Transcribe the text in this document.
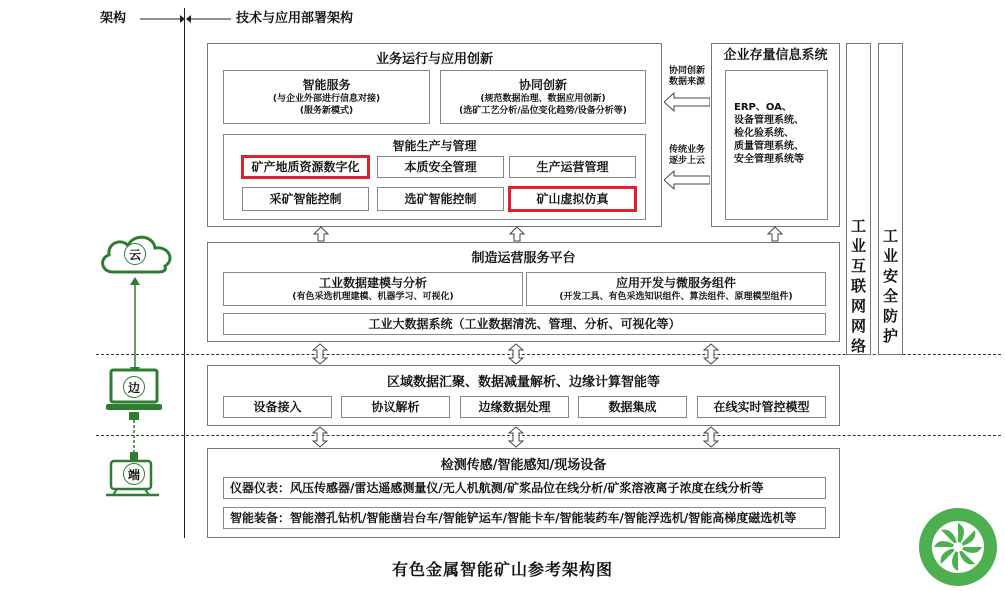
架构	技术与应用部署架构
业务运行与应用创新
智能服务
(与企业外部进行信息对接)
(服务新模式)
协同创新
(规范数据治理、数据应用创新)
(选矿工艺分析/品位变化趋势/设备分析等)
智能生产与管理
矿产地质资源数字化	本质安全管理	生产运营管理
采矿智能控制	选矿智能控制	矿山虚拟仿真
企业存量信息系统
ERP、OA、
设备管理系统、
检化验系统、
质量管理系统、
安全管理系统等
协同创新
数据来源
传统业务
逐步上云
制造运营服务平台
工业数据建模与分析
(有色采选机理建模、机器学习、可视化)
应用开发与微服务组件
(开发工具、有色采选知识组件、算法组件、原理模型组件)
工业大数据系统（工业数据清洗、管理、分析、可视化等）
区域数据汇聚、数据减量解析、边缘计算智能等
设备接入	协议解析	边缘数据处理	数据集成	在线实时管控模型
检测传感/智能感知/现场设备
仪器仪表：风压传感器/雷达遥感测量仪/无人机航测/矿浆品位在线分析/矿浆溶液离子浓度在线分析等
智能装备：智能潜孔钻机/智能凿岩台车/智能铲运车/智能卡车/智能装药车/智能浮选机/智能高梯度磁选机等
工
业
互
联
网
网
络
工
业
安
全
防
护
云
边
端
有色金属智能矿山参考架构图
